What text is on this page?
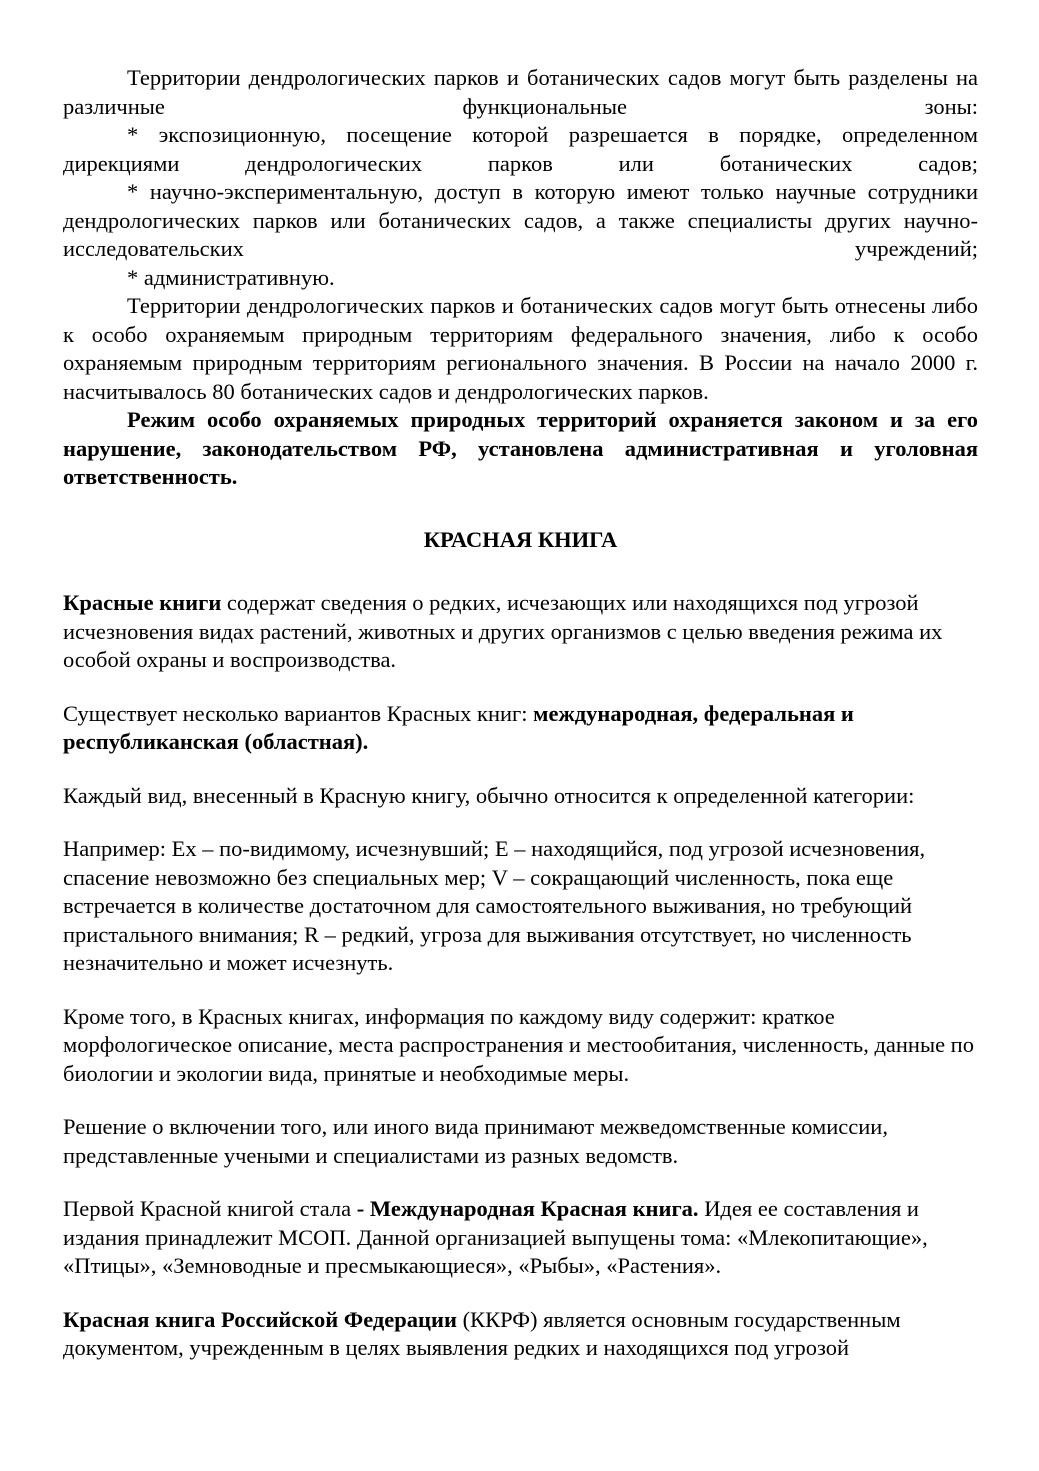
Территории дендрологических парков и ботанических садов могут быть разделены на различные функциональные зоны:

* экспозиционную, посещение которой разрешается в порядке, определенном дирекциями дендрологических парков или ботанических садов;

* научно-экспериментальную, доступ в которую имеют только научные сотрудники дендрологических парков или ботанических садов, а также специалисты других научно-исследовательских учреждений;

* административную.

Территории дендрологических парков и ботанических садов могут быть отнесены либо к особо охраняемым природным территориям федерального значения, либо к особо охраняемым природным территориям регионального значения. В России на начало 2000 г. насчитывалось 80 ботанических садов и дендрологических парков.

Режим особо охраняемых природных территорий охраняется законом и за его нарушение, законодательством РФ, установлена административная и уголовная ответственность.

КРАСНАЯ КНИГА

Красные книги содержат сведения о редких, исчезающих или находящихся под угрозой исчезновения видах растений, животных и других организмов с целью введения режима их особой охраны и воспроизводства.

Существует несколько вариантов Красных книг: международная, федеральная и республиканская (областная).

Каждый вид, внесенный в Красную книгу, обычно относится к определенной категории:

Например: Ex – по-видимому, исчезнувший; E – находящийся, под угрозой исчезновения, спасение невозможно без специальных мер; V – сокращающий численность, пока еще встречается в количестве достаточном для самостоятельного выживания, но требующий пристального внимания; R – редкий, угроза для выживания отсутствует, но численность незначительно и может исчезнуть.

Кроме того, в Красных книгах, информация по каждому виду содержит: краткое морфологическое описание, места распространения и местообитания, численность, данные по биологии и экологии вида, принятые и необходимые меры.

Решение о включении того, или иного вида принимают межведомственные комиссии, представленные учеными и специалистами из разных ведомств.

Первой Красной книгой стала - Международная Красная книга. Идея ее составления и издания принадлежит МСОП. Данной организацией выпущены тома: «Млекопитающие», «Птицы», «Земноводные и пресмыкающиеся», «Рыбы», «Растения».

Красная книга Российской Федерации (ККРФ) является основным государственным документом, учрежденным в целях выявления редких и находящихся под угрозой
